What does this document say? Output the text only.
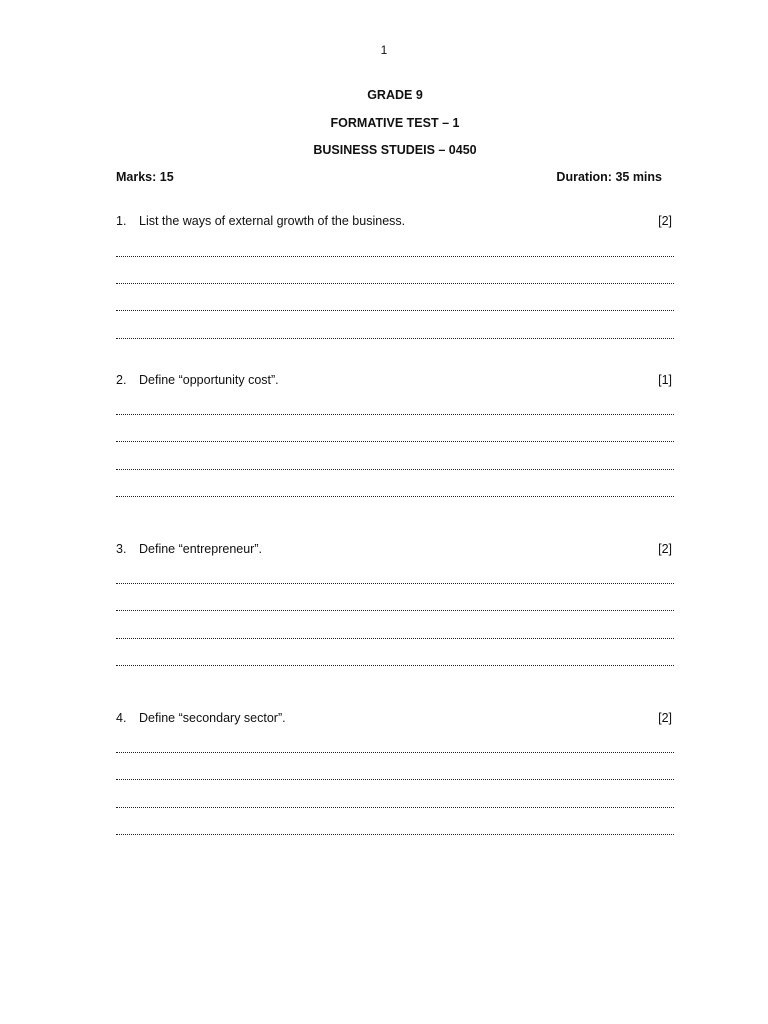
1
GRADE 9
FORMATIVE TEST – 1
BUSINESS STUDEIS – 0450
Marks: 15	Duration: 35 mins
1. List the ways of external growth of the business.	[2]
2. Define “opportunity cost”.	[1]
3. Define “entrepreneur”.	[2]
4. Define “secondary sector”.	[2]
